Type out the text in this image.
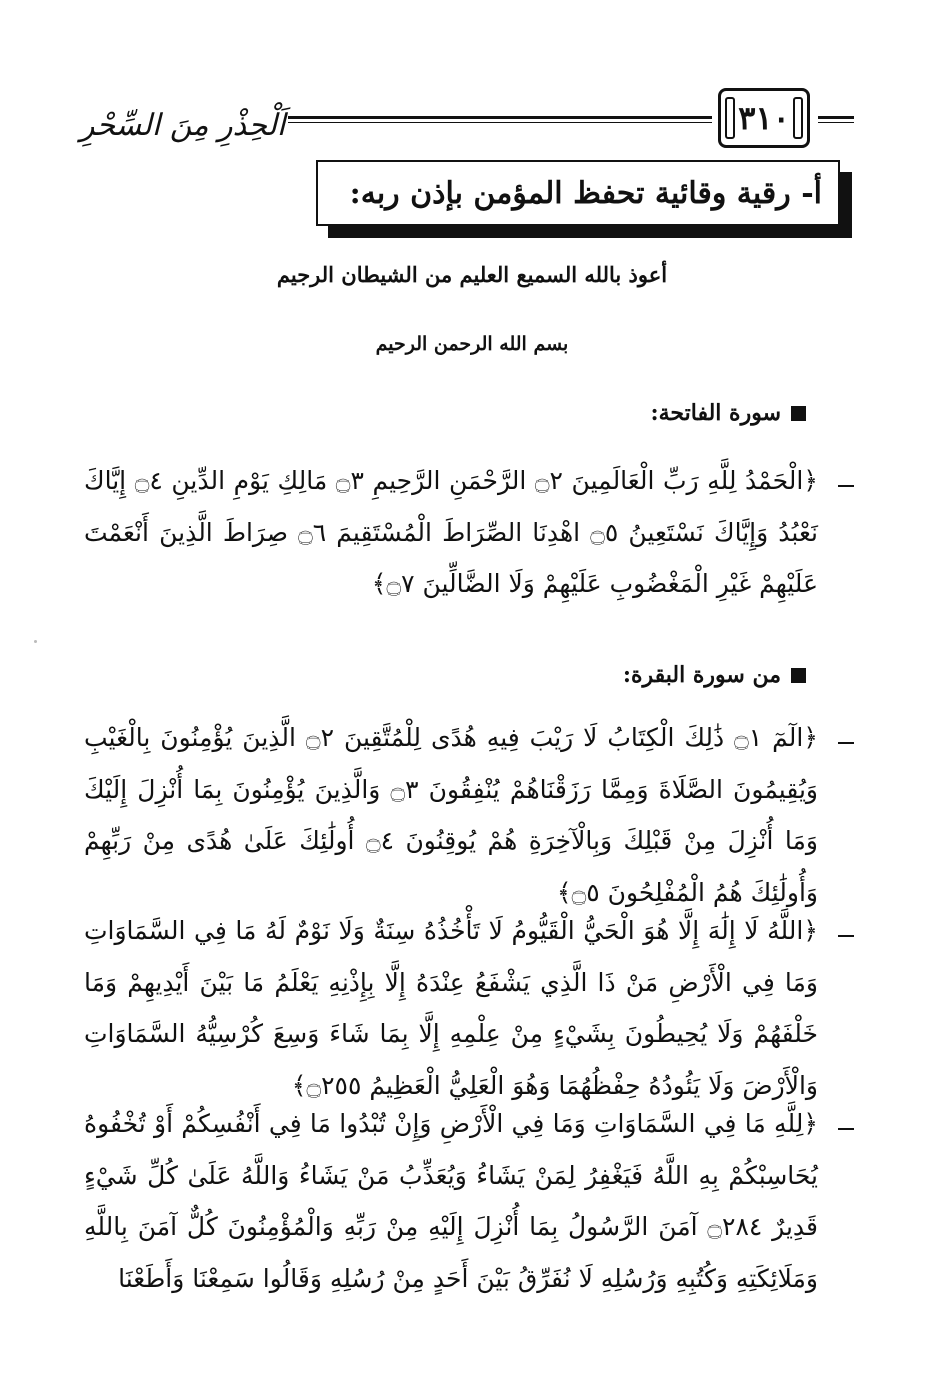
اَلْحِذْرِ مِنَ السِّحْرِ	٣١٠
أ- رقية وقائية تحفظ المؤمن بإذن ربه:
أعوذ بالله السميع العليم من الشيطان الرجيم
بسم الله الرحمن الرحيم
سورة الفاتحة:
﴿الْحَمْدُ لِلَّهِ رَبِّ الْعَالَمِينَ ۝٢ الرَّحْمَنِ الرَّحِيمِ ۝٣ مَالِكِ يَوْمِ الدِّينِ ۝٤ إِيَّاكَ نَعْبُدُ وَإِيَّاكَ نَسْتَعِينُ ۝٥ اهْدِنَا الصِّرَاطَ الْمُسْتَقِيمَ ۝٦ صِرَاطَ الَّذِينَ أَنْعَمْتَ عَلَيْهِمْ غَيْرِ الْمَغْضُوبِ عَلَيْهِمْ وَلَا الضَّالِّينَ ۝٧﴾
من سورة البقرة:
﴿الٓمٓ ۝١ ذَٰلِكَ الْكِتَابُ لَا رَيْبَ فِيهِ هُدًى لِلْمُتَّقِينَ ۝٢ الَّذِينَ يُؤْمِنُونَ بِالْغَيْبِ وَيُقِيمُونَ الصَّلَاةَ وَمِمَّا رَزَقْنَاهُمْ يُنْفِقُونَ ۝٣ وَالَّذِينَ يُؤْمِنُونَ بِمَا أُنْزِلَ إِلَيْكَ وَمَا أُنْزِلَ مِنْ قَبْلِكَ وَبِالْآخِرَةِ هُمْ يُوقِنُونَ ۝٤ أُولَٰئِكَ عَلَىٰ هُدًى مِنْ رَبِّهِمْ وَأُولَٰئِكَ هُمُ الْمُفْلِحُونَ ۝٥﴾
﴿اللَّهُ لَا إِلَٰهَ إِلَّا هُوَ الْحَيُّ الْقَيُّومُ لَا تَأْخُذُهُ سِنَةٌ وَلَا نَوْمٌ لَهُ مَا فِي السَّمَاوَاتِ وَمَا فِي الْأَرْضِ مَنْ ذَا الَّذِي يَشْفَعُ عِنْدَهُ إِلَّا بِإِذْنِهِ يَعْلَمُ مَا بَيْنَ أَيْدِيهِمْ وَمَا خَلْفَهُمْ وَلَا يُحِيطُونَ بِشَيْءٍ مِنْ عِلْمِهِ إِلَّا بِمَا شَاءَ وَسِعَ كُرْسِيُّهُ السَّمَاوَاتِ وَالْأَرْضَ وَلَا يَئُودُهُ حِفْظُهُمَا وَهُوَ الْعَلِيُّ الْعَظِيمُ ۝٢٥٥﴾
﴿لِلَّهِ مَا فِي السَّمَاوَاتِ وَمَا فِي الْأَرْضِ وَإِنْ تُبْدُوا مَا فِي أَنْفُسِكُمْ أَوْ تُخْفُوهُ يُحَاسِبْكُمْ بِهِ اللَّهُ فَيَغْفِرُ لِمَنْ يَشَاءُ وَيُعَذِّبُ مَنْ يَشَاءُ وَاللَّهُ عَلَىٰ كُلِّ شَيْءٍ قَدِيرٌ ۝٢٨٤ آمَنَ الرَّسُولُ بِمَا أُنْزِلَ إِلَيْهِ مِنْ رَبِّهِ وَالْمُؤْمِنُونَ كُلٌّ آمَنَ بِاللَّهِ وَمَلَائِكَتِهِ وَكُتُبِهِ وَرُسُلِهِ لَا نُفَرِّقُ بَيْنَ أَحَدٍ مِنْ رُسُلِهِ وَقَالُوا سَمِعْنَا وَأَطَعْنَا
